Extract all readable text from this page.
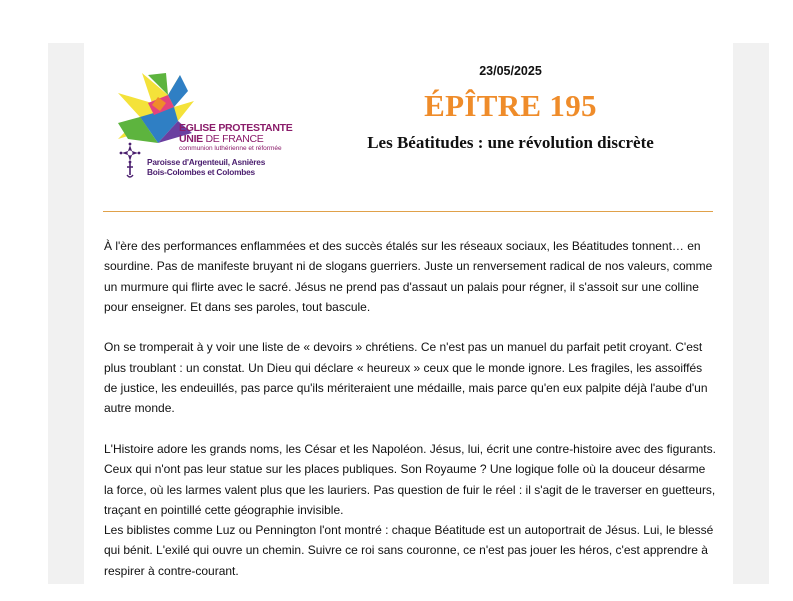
EGLISE PROTESTANTE
UNIE DE FRANCE
communion luthérienne et réformée
Paroisse d'Argenteuil, Asnières
Bois-Colombes et Colombes
23/05/2025
ÉPÎTRE 195
Les Béatitudes : une révolution discrète

À l'ère des performances enflammées et des succès étalés sur les réseaux sociaux, les Béatitudes tonnent… en sourdine. Pas de manifeste bruyant ni de slogans guerriers. Juste un renversement radical de nos valeurs, comme un murmure qui flirte avec le sacré. Jésus ne prend pas d'assaut un palais pour régner, il s'assoit sur une colline pour enseigner. Et dans ses paroles, tout bascule.

On se tromperait à y voir une liste de « devoirs » chrétiens. Ce n'est pas un manuel du parfait petit croyant. C'est plus troublant : un constat. Un Dieu qui déclare « heureux » ceux que le monde ignore. Les fragiles, les assoiffés de justice, les endeuillés, pas parce qu'ils mériteraient une médaille, mais parce qu'en eux palpite déjà l'aube d'un autre monde.

L'Histoire adore les grands noms, les César et les Napoléon. Jésus, lui, écrit une contre-histoire avec des figurants. Ceux qui n'ont pas leur statue sur les places publiques. Son Royaume ? Une logique folle où la douceur désarme la force, où les larmes valent plus que les lauriers. Pas question de fuir le réel : il s'agit de le traverser en guetteurs, traçant en pointillé cette géographie invisible.

Les biblistes comme Luz ou Pennington l'ont montré : chaque Béatitude est un autoportrait de Jésus. Lui, le blessé qui bénit. L'exilé qui ouvre un chemin. Suivre ce roi sans couronne, ce n'est pas jouer les héros, c'est apprendre à respirer à contre-courant.
